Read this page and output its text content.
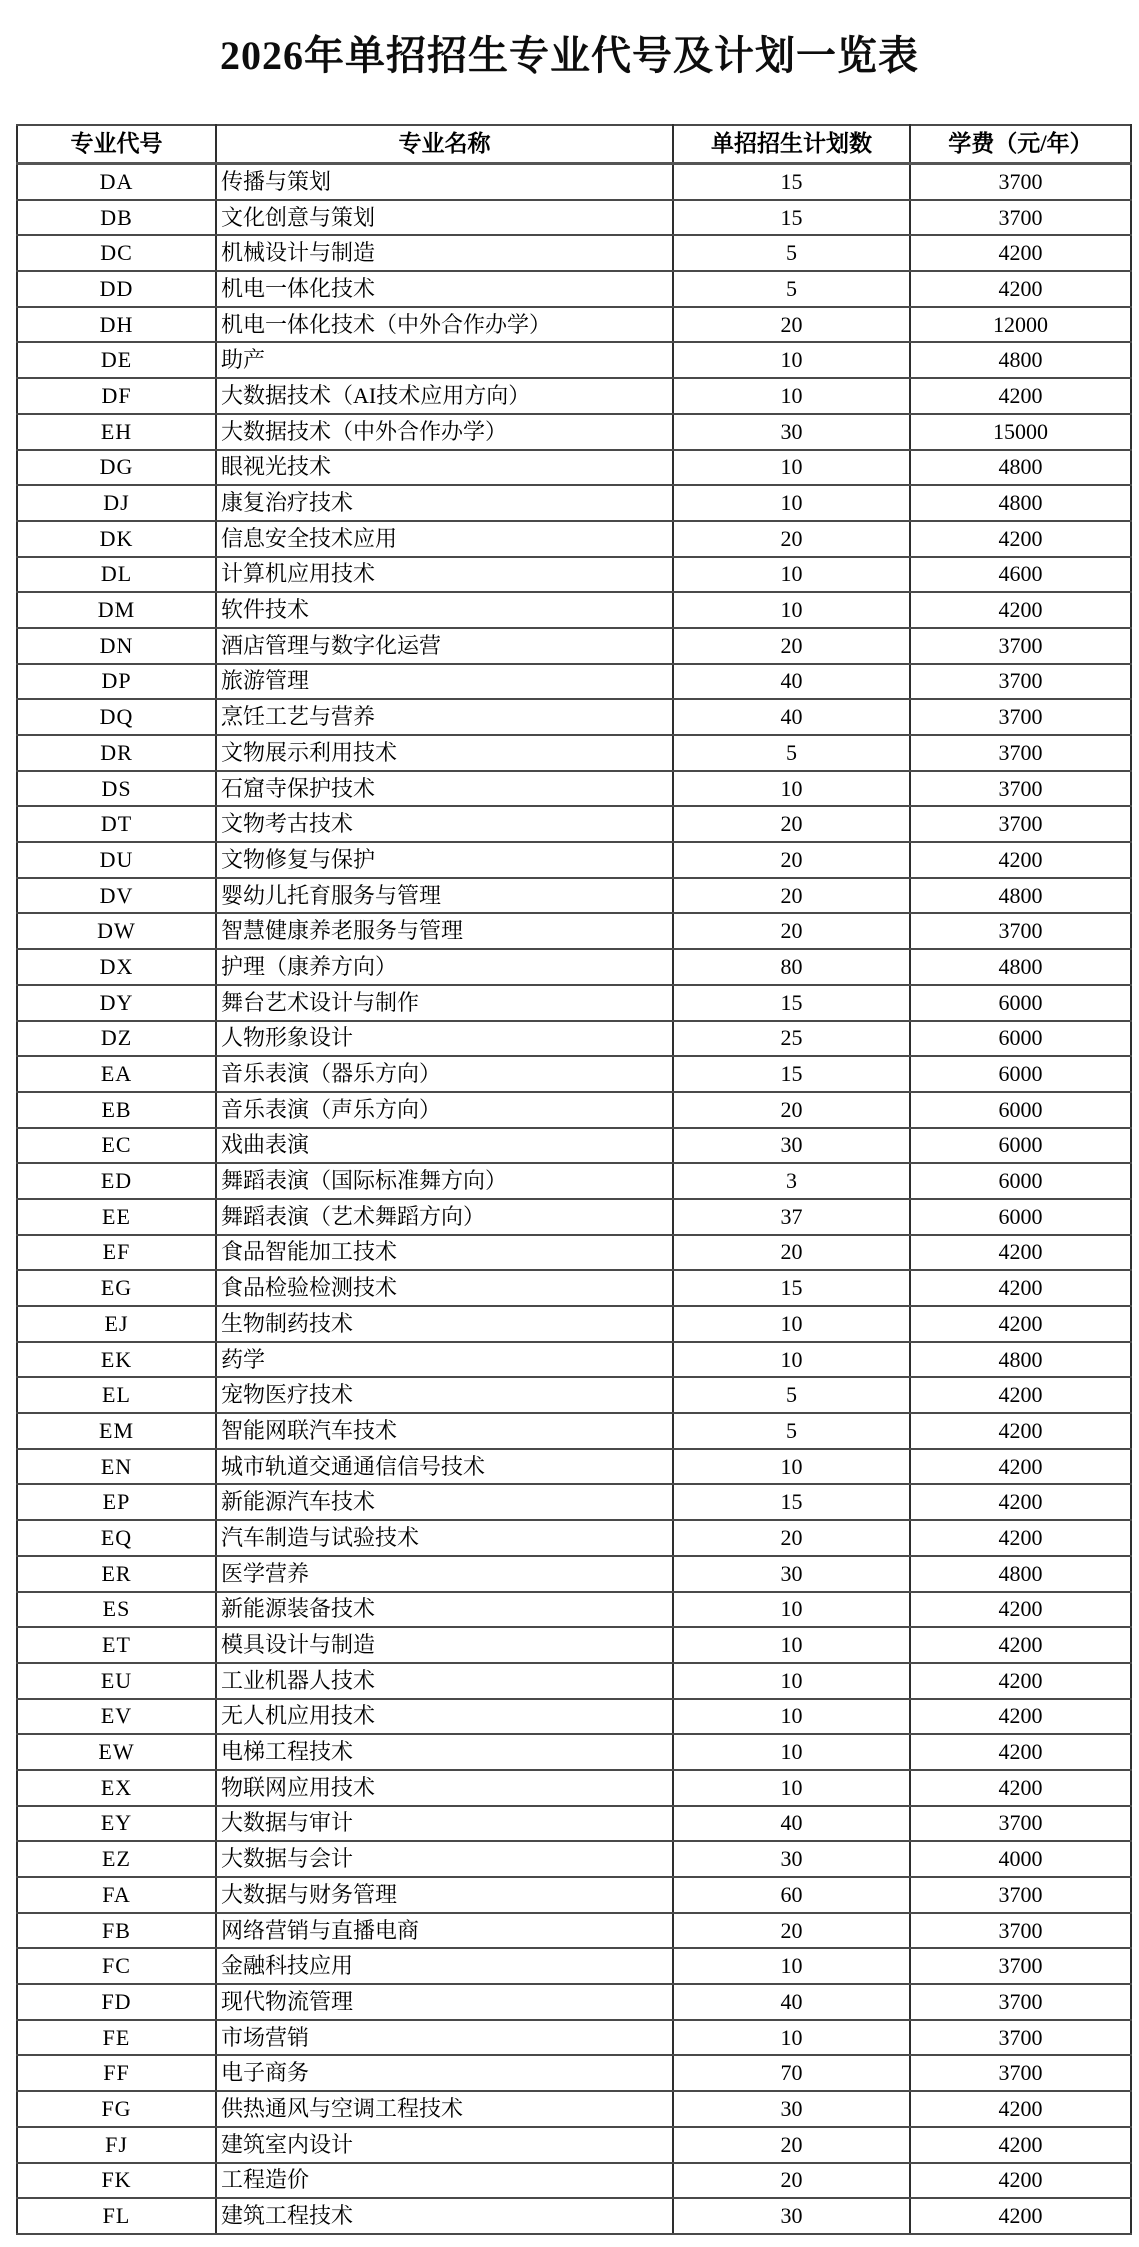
2026年单招招生专业代号及计划一览表
专业代号	专业名称	单招招生计划数	学费（元/年）
DA	传播与策划	15	3700
DB	文化创意与策划	15	3700
DC	机械设计与制造	5	4200
DD	机电一体化技术	5	4200
DH	机电一体化技术（中外合作办学）	20	12000
DE	助产	10	4800
DF	大数据技术（AI技术应用方向）	10	4200
EH	大数据技术（中外合作办学）	30	15000
DG	眼视光技术	10	4800
DJ	康复治疗技术	10	4800
DK	信息安全技术应用	20	4200
DL	计算机应用技术	10	4600
DM	软件技术	10	4200
DN	酒店管理与数字化运营	20	3700
DP	旅游管理	40	3700
DQ	烹饪工艺与营养	40	3700
DR	文物展示利用技术	5	3700
DS	石窟寺保护技术	10	3700
DT	文物考古技术	20	3700
DU	文物修复与保护	20	4200
DV	婴幼儿托育服务与管理	20	4800
DW	智慧健康养老服务与管理	20	3700
DX	护理（康养方向）	80	4800
DY	舞台艺术设计与制作	15	6000
DZ	人物形象设计	25	6000
EA	音乐表演（器乐方向）	15	6000
EB	音乐表演（声乐方向）	20	6000
EC	戏曲表演	30	6000
ED	舞蹈表演（国际标准舞方向）	3	6000
EE	舞蹈表演（艺术舞蹈方向）	37	6000
EF	食品智能加工技术	20	4200
EG	食品检验检测技术	15	4200
EJ	生物制药技术	10	4200
EK	药学	10	4800
EL	宠物医疗技术	5	4200
EM	智能网联汽车技术	5	4200
EN	城市轨道交通通信信号技术	10	4200
EP	新能源汽车技术	15	4200
EQ	汽车制造与试验技术	20	4200
ER	医学营养	30	4800
ES	新能源装备技术	10	4200
ET	模具设计与制造	10	4200
EU	工业机器人技术	10	4200
EV	无人机应用技术	10	4200
EW	电梯工程技术	10	4200
EX	物联网应用技术	10	4200
EY	大数据与审计	40	3700
EZ	大数据与会计	30	4000
FA	大数据与财务管理	60	3700
FB	网络营销与直播电商	20	3700
FC	金融科技应用	10	3700
FD	现代物流管理	40	3700
FE	市场营销	10	3700
FF	电子商务	70	3700
FG	供热通风与空调工程技术	30	4200
FJ	建筑室内设计	20	4200
FK	工程造价	20	4200
FL	建筑工程技术	30	4200
